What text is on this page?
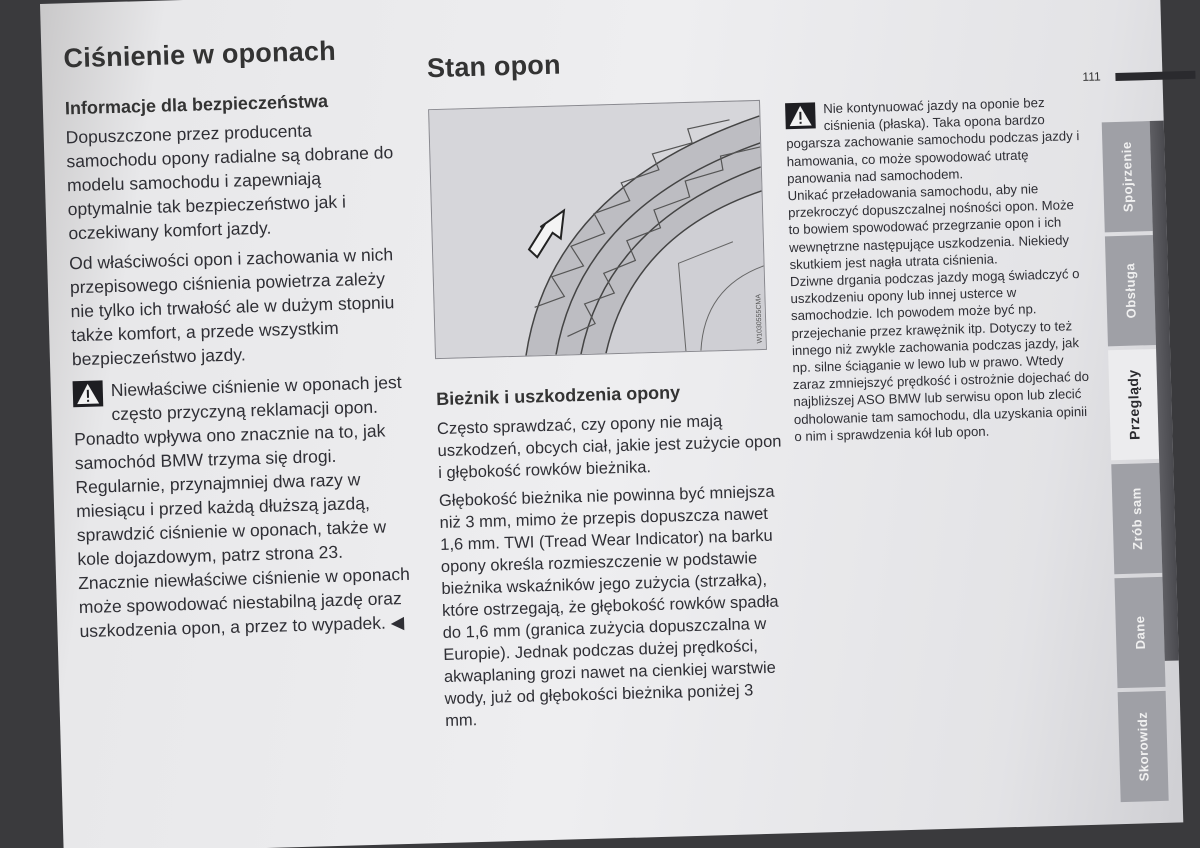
Ciśnienie w oponach
Informacje dla bezpieczeństwa

Dopuszczone przez producenta samochodu opony radialne są dobrane do modelu samochodu i zapewniają optymalnie tak bezpieczeństwo jak i oczekiwany komfort jazdy.

Od właściwości opon i zachowania w nich przepisowego ciśnienia powietrza zależy nie tylko ich trwałość ale w dużym stopniu także komfort, a przede wszystkim bezpieczeństwo jazdy.

Niewłaściwe ciśnienie w oponach jest często przyczyną reklamacji opon. Ponadto wpływa ono znacznie na to, jak samochód BMW trzyma się drogi. Regularnie, przynajmniej dwa razy w miesiącu i przed każdą dłuższą jazdą, sprawdzić ciśnienie w oponach, także w kole dojazdowym, patrz strona 23. Znacznie niewłaściwe ciśnienie w oponach może spowodować niestabilną jazdę oraz uszkodzenia opon, a przez to wypadek. ◀

Stan opon
W1030555CMA
Bieżnik i uszkodzenia opony

Często sprawdzać, czy opony nie mają uszkodzeń, obcych ciał, jakie jest zużycie opon i głębokość rowków bieżnika.

Głębokość bieżnika nie powinna być mniejsza niż 3 mm, mimo że przepis dopuszcza nawet 1,6 mm. TWI (Tread Wear Indicator) na barku opony określa rozmieszczenie w podstawie bieżnika wskaźników jego zużycia (strzałka), które ostrzegają, że głębokość rowków spadła do 1,6 mm (granica zużycia dopuszczalna w Europie). Jednak podczas dużej prędkości, akwaplaning grozi nawet na cienkiej warstwie wody, już od głębokości bieżnika poniżej 3 mm.

Nie kontynuować jazdy na oponie bez ciśnienia (płaska). Taka opona bardzo pogarsza zachowanie samochodu podczas jazdy i hamowania, co może spowodować utratę panowania nad samochodem.

Unikać przeładowania samochodu, aby nie przekroczyć dopuszczalnej nośności opon. Może to bowiem spowodować przegrzanie opon i ich wewnętrzne następujące uszkodzenia. Niekiedy skutkiem jest nagła utrata ciśnienia.

Dziwne drgania podczas jazdy mogą świadczyć o uszkodzeniu opony lub innej usterce w samochodzie. Ich powodem może być np. przejechanie przez krawężnik itp. Dotyczy to też innego niż zwykle zachowania podczas jazdy, jak np. silne ściąganie w lewo lub w prawo. Wtedy zaraz zmniejszyć prędkość i ostrożnie dojechać do najbliższej ASO BMW lub serwisu opon lub zlecić odholowanie tam samochodu, dla uzyskania opinii o nim i sprawdzenia kół lub opon.

111
Spojrzenie
Obsługa
Przeglądy
Zrób sam
Dane
Skorowidz
